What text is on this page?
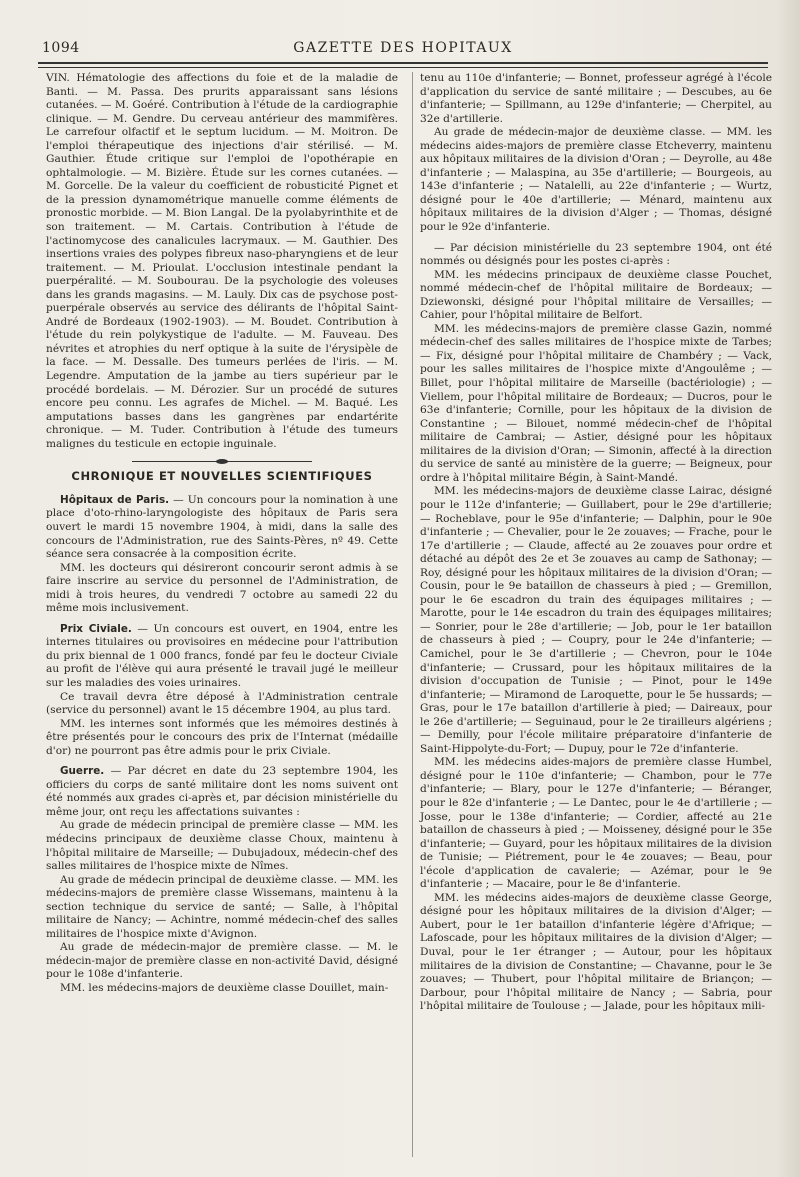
1094	GAZETTE DES HOPITAUX

VIN. Hématologie des affections du foie et de la maladie de Banti. — M. Passa. Des prurits apparaissant sans lésions cutanées. — M. Goéré. Contribution à l'étude de la cardiographie clinique. — M. Gendre. Du cerveau antérieur des mammifères. Le carrefour olfactif et le septum lucidum. — M. Moitron. De l'emploi thérapeutique des injections d'air stérilisé. — M. Gauthier. Étude critique sur l'emploi de l'opothérapie en ophtalmologie. — M. Bizière. Étude sur les cornes cutanées. — M. Gorcelle. De la valeur du coefficient de robusticité Pignet et de la pression dynamométrique manuelle comme éléments de pronostic morbide. — M. Bion Langal. De la pyolabyrinthite et de son traitement. — M. Cartais. Contribution à l'étude de l'actinomycose des canalicules lacrymaux. — M. Gauthier. Des insertions vraies des polypes fibreux naso-pharyngiens et de leur traitement. — M. Prioulat. L'occlusion intestinale pendant la puerpéralité. — M. Soubourau. De la psychologie des voleuses dans les grands magasins. — M. Lauly. Dix cas de psychose post-puerpérale observés au service des délirants de l'hôpital Saint-André de Bordeaux (1902-1903). — M. Boudet. Contribution à l'étude du rein polykystique de l'adulte. — M. Fauveau. Des névrites et atrophies du nerf optique à la suite de l'érysipèle de la face. — M. Dessalle. Des tumeurs perlées de l'iris. — M. Legendre. Amputation de la jambe au tiers supérieur par le procédé bordelais. — M. Dérozier. Sur un procédé de sutures encore peu connu. Les agrafes de Michel. — M. Baqué. Les amputations basses dans les gangrènes par endartérite chronique. — M. Tuder. Contribution à l'étude des tumeurs malignes du testicule en ectopie inguinale.

CHRONIQUE ET NOUVELLES SCIENTIFIQUES

Hôpitaux de Paris. — Un concours pour la nomination à une place d'oto-rhino-laryngologiste des hôpitaux de Paris sera ouvert le mardi 15 novembre 1904, à midi, dans la salle des concours de l'Administration, rue des Saints-Pères, nº 49. Cette séance sera consacrée à la composition écrite.

MM. les docteurs qui désireront concourir seront admis à se faire inscrire au service du personnel de l'Administration, de midi à trois heures, du vendredi 7 octobre au samedi 22 du même mois inclusivement.

Prix Civiale. — Un concours est ouvert, en 1904, entre les internes titulaires ou provisoires en médecine pour l'attribution du prix biennal de 1 000 francs, fondé par feu le docteur Civiale au profit de l'élève qui aura présenté le travail jugé le meilleur sur les maladies des voies urinaires.

Ce travail devra être déposé à l'Administration centrale (service du personnel) avant le 15 décembre 1904, au plus tard.

MM. les internes sont informés que les mémoires destinés à être présentés pour le concours des prix de l'Internat (médaille d'or) ne pourront pas être admis pour le prix Civiale.

Guerre. — Par décret en date du 23 septembre 1904, les officiers du corps de santé militaire dont les noms suivent ont été nommés aux grades ci-après et, par décision ministérielle du même jour, ont reçu les affectations suivantes :

Au grade de médecin principal de première classe — MM. les médecins principaux de deuxième classe Choux, maintenu à l'hôpital militaire de Marseille; — Dubujadoux, médecin-chef des salles militaires de l'hospice mixte de Nîmes.

Au grade de médecin principal de deuxième classe. — MM. les médecins-majors de première classe Wissemans, maintenu à la section technique du service de santé; — Salle, à l'hôpital militaire de Nancy; — Achintre, nommé médecin-chef des salles militaires de l'hospice mixte d'Avignon.

Au grade de médecin-major de première classe. — M. le médecin-major de première classe en non-activité David, désigné pour le 108e d'infanterie.

MM. les médecins-majors de deuxième classe Douillet, main-

tenu au 110e d'infanterie; — Bonnet, professeur agrégé à l'école d'application du service de santé militaire ; — Descubes, au 6e d'infanterie; — Spillmann, au 129e d'infanterie; — Cherpitel, au 32e d'artillerie.

Au grade de médecin-major de deuxième classe. — MM. les médecins aides-majors de première classe Etcheverry, maintenu aux hôpitaux militaires de la division d'Oran ; — Deyrolle, au 48e d'infanterie ; — Malaspina, au 35e d'artillerie; — Bourgeois, au 143e d'infanterie ; — Natalelli, au 22e d'infanterie ; — Wurtz, désigné pour le 40e d'artillerie; — Ménard, maintenu aux hôpitaux militaires de la division d'Alger ; — Thomas, désigné pour le 92e d'infanterie.

— Par décision ministérielle du 23 septembre 1904, ont été nommés ou désignés pour les postes ci-après :

MM. les médecins principaux de deuxième classe Pouchet, nommé médecin-chef de l'hôpital militaire de Bordeaux; — Dziewonski, désigné pour l'hôpital militaire de Versailles; — Cahier, pour l'hôpital militaire de Belfort.

MM. les médecins-majors de première classe Gazin, nommé médecin-chef des salles militaires de l'hospice mixte de Tarbes; — Fix, désigné pour l'hôpital militaire de Chambéry ; — Vack, pour les salles militaires de l'hospice mixte d'Angoulême ; — Billet, pour l'hôpital militaire de Marseille (bactériologie) ; — Viellem, pour l'hôpital militaire de Bordeaux; — Ducros, pour le 63e d'infanterie; Cornille, pour les hôpitaux de la division de Constantine ; — Bilouet, nommé médecin-chef de l'hôpital militaire de Cambrai; — Astier, désigné pour les hôpitaux militaires de la division d'Oran; — Simonin, affecté à la direction du service de santé au ministère de la guerre; — Beigneux, pour ordre à l'hôpital militaire Bégin, à Saint-Mandé.

MM. les médecins-majors de deuxième classe Lairac, désigné pour le 112e d'infanterie; — Guillabert, pour le 29e d'artillerie; — Rocheblave, pour le 95e d'infanterie; — Dalphin, pour le 90e d'infanterie ; — Chevalier, pour le 2e zouaves; — Frache, pour le 17e d'artillerie ; — Claude, affecté au 2e zouaves pour ordre et détaché au dépôt des 2e et 3e zouaves au camp de Sathonay; — Roy, désigné pour les hôpitaux militaires de la division d'Oran; — Cousin, pour le 9e bataillon de chasseurs à pied ; — Gremillon, pour le 6e escadron du train des équipages militaires ; — Marotte, pour le 14e escadron du train des équipages militaires; — Sonrier, pour le 28e d'artillerie; — Job, pour le 1er bataillon de chasseurs à pied ; — Coupry, pour le 24e d'infanterie; — Camichel, pour le 3e d'artillerie ; — Chevron, pour le 104e d'infanterie; — Crussard, pour les hôpitaux militaires de la division d'occupation de Tunisie ; — Pinot, pour le 149e d'infanterie; — Miramond de Laroquette, pour le 5e hussards; — Gras, pour le 17e bataillon d'artillerie à pied; — Daireaux, pour le 26e d'artillerie; — Seguinaud, pour le 2e tirailleurs algériens ; — Demilly, pour l'école militaire préparatoire d'infanterie de Saint-Hippolyte-du-Fort; — Dupuy, pour le 72e d'infanterie.

MM. les médecins aides-majors de première classe Humbel, désigné pour le 110e d'infanterie; — Chambon, pour le 77e d'infanterie; — Blary, pour le 127e d'infanterie; — Béranger, pour le 82e d'infanterie ; — Le Dantec, pour le 4e d'artillerie ; — Josse, pour le 138e d'infanterie; — Cordier, affecté au 21e bataillon de chasseurs à pied ; — Moisseney, désigné pour le 35e d'infanterie; — Guyard, pour les hôpitaux militaires de la division de Tunisie; — Piétrement, pour le 4e zouaves; — Beau, pour l'école d'application de cavalerie; — Azémar, pour le 9e d'infanterie ; — Macaire, pour le 8e d'infanterie.

MM. les médecins aides-majors de deuxième classe George, désigné pour les hôpitaux militaires de la division d'Alger; — Aubert, pour le 1er bataillon d'infanterie légère d'Afrique; — Lafoscade, pour les hôpitaux militaires de la division d'Alger; — Duval, pour le 1er étranger ; — Autour, pour les hôpitaux militaires de la division de Constantine; — Chavanne, pour le 3e zouaves; — Thubert, pour l'hôpital militaire de Briançon; — Darbour, pour l'hôpital militaire de Nancy ; — Sabria, pour l'hôpital militaire de Toulouse ; — Jalade, pour les hôpitaux mili-
